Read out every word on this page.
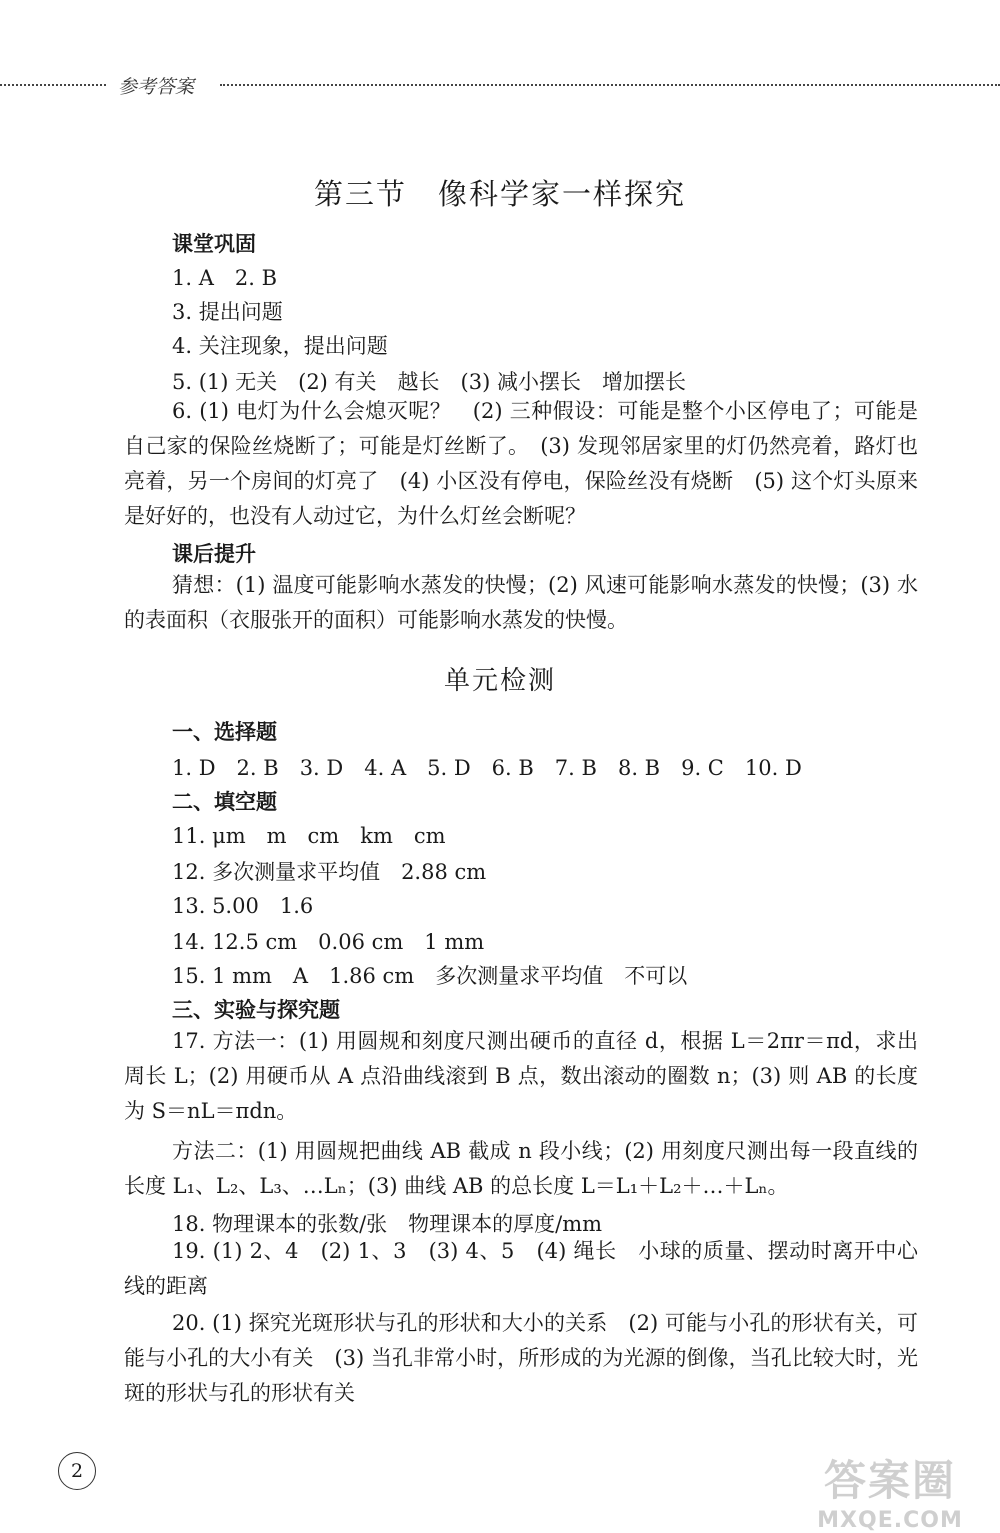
参考答案
第三节　像科学家一样探究
课堂巩固
1. A　2. B
3. 提出问题
4. 关注现象，提出问题
5. (1) 无关　(2) 有关　越长　(3) 减小摆长　增加摆长
6. (1) 电灯为什么会熄灭呢？　(2) 三种假设：可能是整个小区停电了；可能是自己家的保险丝烧断了；可能是灯丝断了。　(3) 发现邻居家里的灯仍然亮着，路灯也亮着，另一个房间的灯亮了　(4) 小区没有停电，保险丝没有烧断　(5) 这个灯头原来是好好的，也没有人动过它，为什么灯丝会断呢？
课后提升
猜想：(1) 温度可能影响水蒸发的快慢；(2) 风速可能影响水蒸发的快慢；(3) 水的表面积（衣服张开的面积）可能影响水蒸发的快慢。
单元检测
一、选择题
1. D　2. B　3. D　4. A　5. D　6. B　7. B　8. B　9. C　10. D
二、填空题
11. μm　m　cm　km　cm
12. 多次测量求平均值　2.88 cm
13. 5.00　1.6
14. 12.5 cm　0.06 cm　1 mm
15. 1 mm　A　1.86 cm　多次测量求平均值　不可以
三、实验与探究题
17. 方法一：(1) 用圆规和刻度尺测出硬币的直径 d，根据 L＝2πr＝πd，求出周长 L；(2) 用硬币从 A 点沿曲线滚到 B 点，数出滚动的圈数 n；(3) 则 AB 的长度为 S＝nL＝πdn。
方法二：(1) 用圆规把曲线 AB 截成 n 段小线；(2) 用刻度尺测出每一段直线的长度 L₁、L₂、L₃、…Lₙ；(3) 曲线 AB 的总长度 L＝L₁＋L₂＋…＋Lₙ。
18. 物理课本的张数/张　物理课本的厚度/mm
19. (1) 2、4　(2) 1、3　(3) 4、5　(4) 绳长　小球的质量、摆动时离开中心线的距离
20. (1) 探究光斑形状与孔的形状和大小的关系　(2) 可能与小孔的形状有关，可能与小孔的大小有关　(3) 当孔非常小时，所形成的为光源的倒像，当孔比较大时，光斑的形状与孔的形状有关
2	答案圈
MXQE.COM
